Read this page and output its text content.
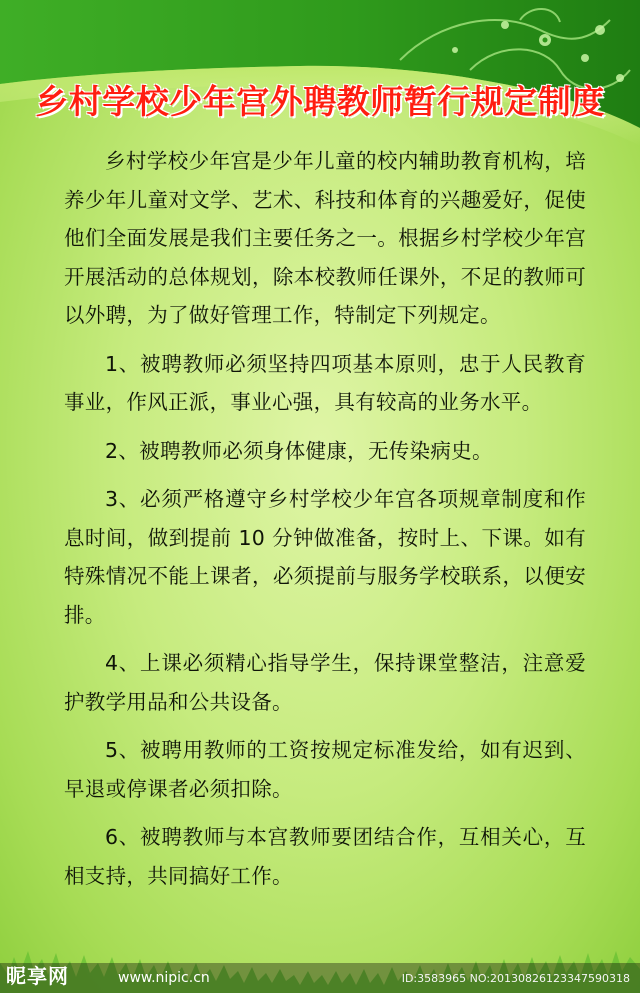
乡村学校少年宫外聘教师暂行规定制度

乡村学校少年宫是少年儿童的校内辅助教育机构，培养少年儿童对文学、艺术、科技和体育的兴趣爱好，促使他们全面发展是我们主要任务之一。根据乡村学校少年宫开展活动的总体规划，除本校教师任课外，不足的教师可以外聘，为了做好管理工作，特制定下列规定。

1、被聘教师必须坚持四项基本原则，忠于人民教育事业，作风正派，事业心强，具有较高的业务水平。

2、被聘教师必须身体健康，无传染病史。

3、必须严格遵守乡村学校少年宫各项规章制度和作息时间，做到提前 10 分钟做准备，按时上、下课。如有特殊情况不能上课者，必须提前与服务学校联系，以便安排。

4、上课必须精心指导学生，保持课堂整洁，注意爱护教学用品和公共设备。

5、被聘用教师的工资按规定标准发给，如有迟到、早退或停课者必须扣除。

6、被聘教师与本宫教师要团结合作，互相关心，互相支持，共同搞好工作。

昵享网	www.nipic.cn	ID:3583965 NO:20130826123347590318
